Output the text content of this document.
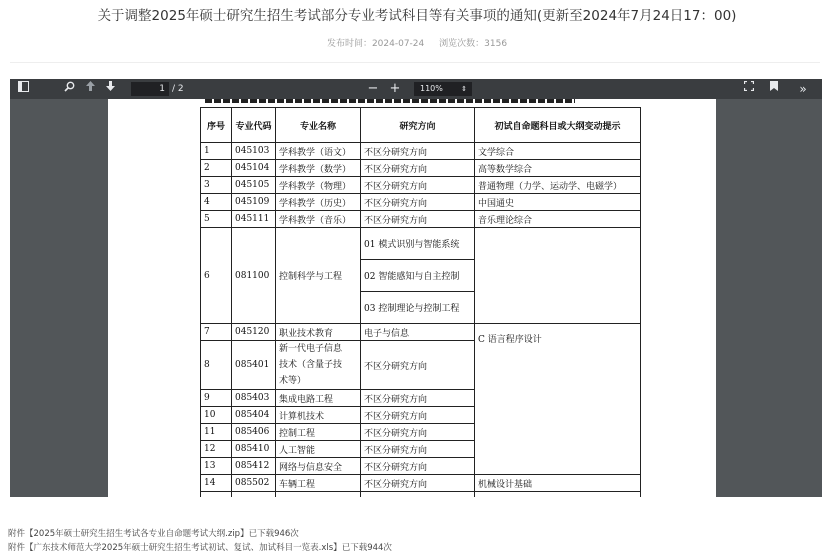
关于调整2025年硕士研究生招生考试部分专业考试科目等有关事项的通知(更新至2024年7月24日17：00)
发布时间：2024-07-24 浏览次数：3156
1 / 2	− +	110%	⇕	»
序号	专业代码	专业名称	研究方向	初试自命题科目或大纲变动提示
1	045103	学科教学（语文）	不区分研究方向	文学综合
2	045104	学科教学（数学）	不区分研究方向	高等数学综合
3	045105	学科教学（物理）	不区分研究方向	普通物理（力学、运动学、电磁学）
4	045109	学科教学（历史）	不区分研究方向	中国通史
5	045111	学科教学（音乐）	不区分研究方向	音乐理论综合
6	081100	控制科学与工程	01 模式识别与智能系统	
			02 智能感知与自主控制	
			03 控制理论与控制工程	
7	045120	职业技术教育	电子与信息	C 语言程序设计
8	085401	新一代电子信息
技术（含量子技
术等）	不区分研究方向	
9	085403	集成电路工程	不区分研究方向	
10	085404	计算机技术	不区分研究方向	
11	085406	控制工程	不区分研究方向	
12	085410	人工智能	不区分研究方向	
13	085412	网络与信息安全	不区分研究方向	
14	085502	车辆工程	不区分研究方向	机械设计基础

附件【2025年硕士研究生招生考试各专业自命题考试大纲.zip】已下载946次
附件【广东技术师范大学2025年硕士研究生招生考试初试、复试、加试科目一览表.xls】已下载944次
